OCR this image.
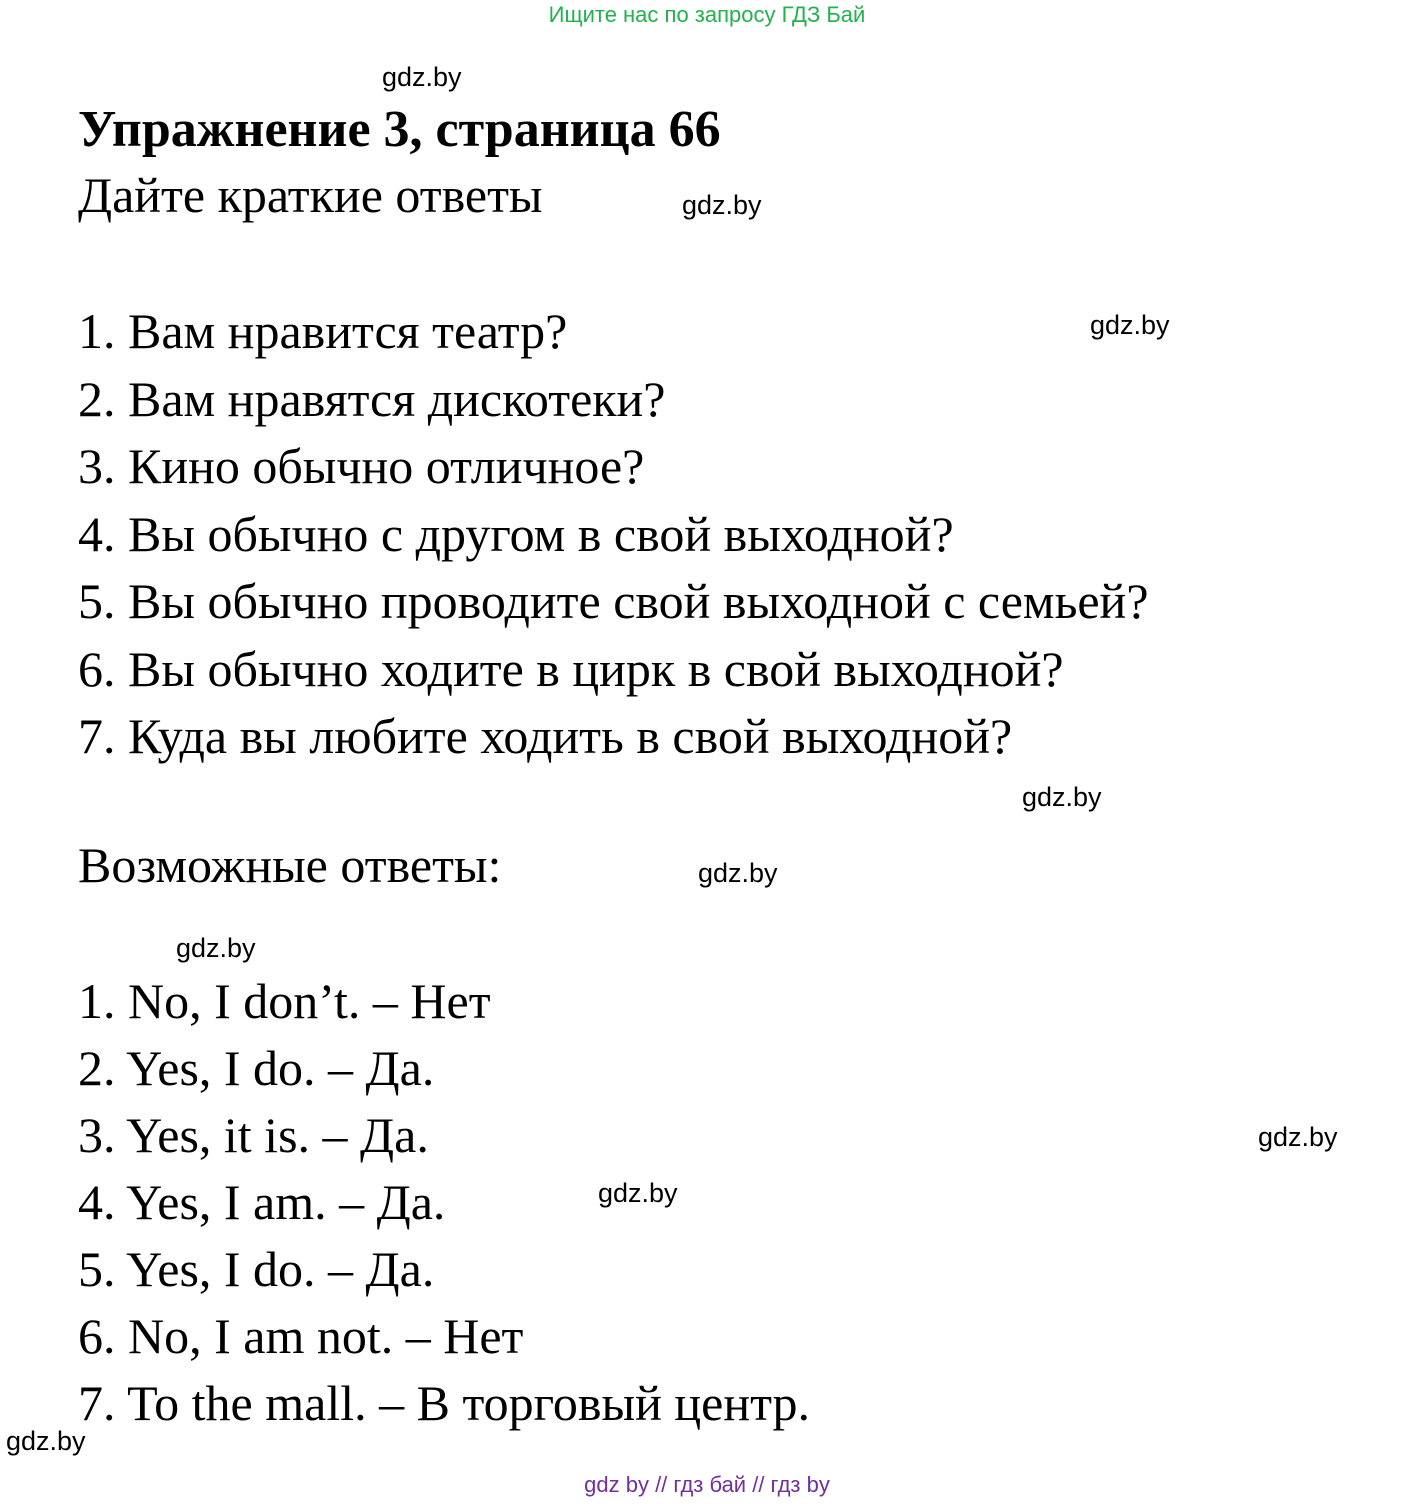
Ищите нас по запросу ГДЗ Бай
gdz.by
Упражнение 3, страница 66
Дайте краткие ответы	gdz.by
gdz.by
1. Вам нравится театр?
2. Вам нравятся дискотеки?
3. Кино обычно отличное?
4. Вы обычно с другом в свой выходной?
5. Вы обычно проводите свой выходной с семьей?
6. Вы обычно ходите в цирк в свой выходной?
7. Куда вы любите ходить в свой выходной?
gdz.by
Возможные ответы:	gdz.by
gdz.by
1. No, I don’t. – Нет
2. Yes, I do. – Да.
3. Yes, it is. – Да.
4. Yes, I am. – Да.
5. Yes, I do. – Да.
6. No, I am not. – Нет
7. To the mall. – В торговый центр.
gdz.by
gdz.by
gdz.by
gdz by // гдз бай // гдз by
